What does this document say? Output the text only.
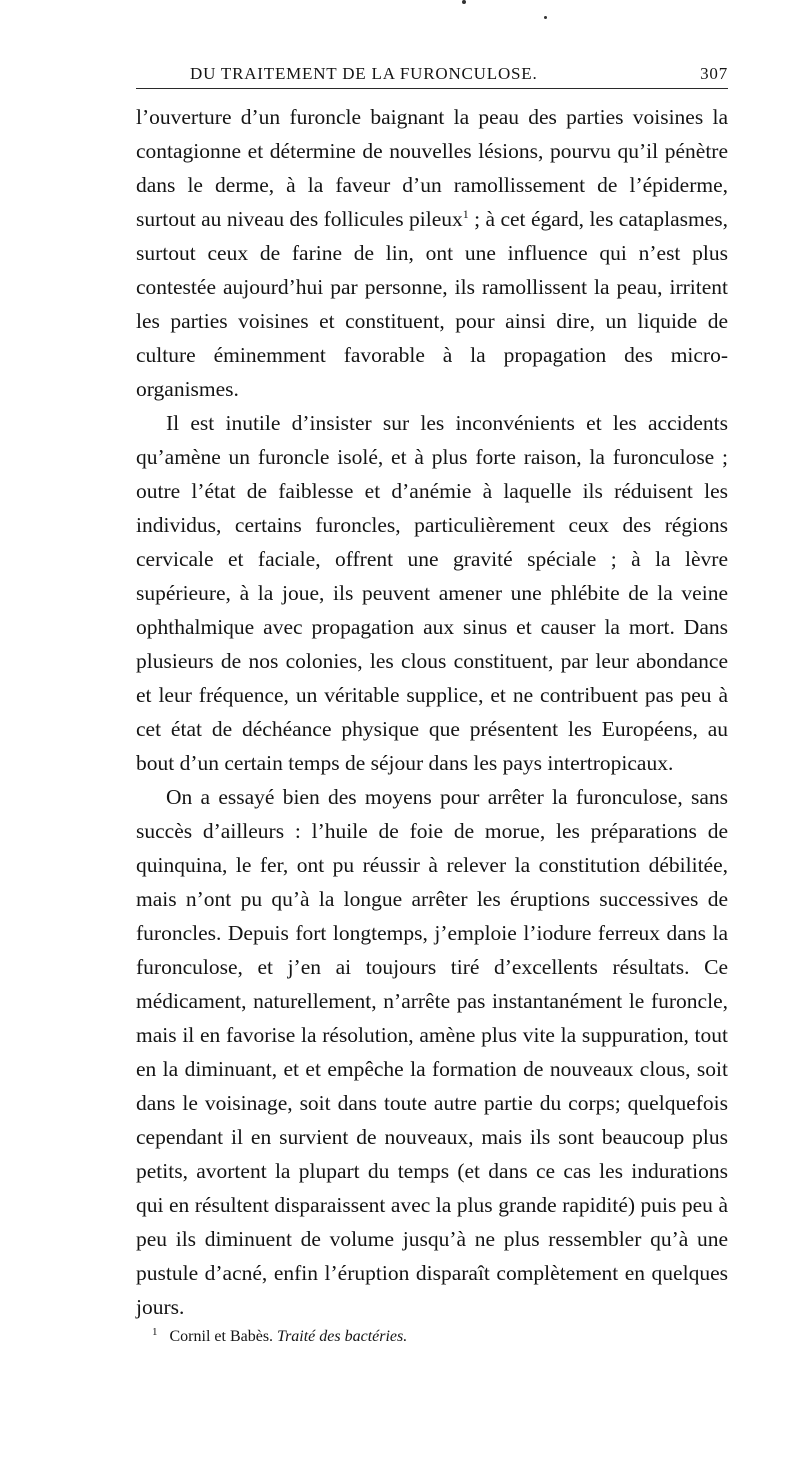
DU TRAITEMENT DE LA FURONCULOSE.	307

l’ouverture d’un furoncle baignant la peau des parties voisines la contagionne et détermine de nouvelles lésions, pourvu qu’il pénètre dans le derme, à la faveur d’un ramollissement de l’épiderme, surtout au niveau des follicules pileux$^1$ ; à cet égard, les cataplasmes, surtout ceux de farine de lin, ont une influence qui n’est plus contestée aujourd’hui par personne, ils ramollissent la peau, irritent les parties voisines et constituent, pour ainsi dire, un liquide de culture éminemment favorable à la propagation des micro-organismes.

Il est inutile d’insister sur les inconvénients et les accidents qu’amène un furoncle isolé, et à plus forte raison, la furonculose ; outre l’état de faiblesse et d’anémie à laquelle ils réduisent les individus, certains furoncles, particulièrement ceux des régions cervicale et faciale, offrent une gravité spéciale ; à la lèvre supérieure, à la joue, ils peuvent amener une phlébite de la veine ophthalmique avec propagation aux sinus et causer la mort. Dans plusieurs de nos colonies, les clous constituent, par leur abondance et leur fréquence, un véritable supplice, et ne contribuent pas peu à cet état de déchéance physique que présentent les Européens, au bout d’un certain temps de séjour dans les pays intertropicaux.

On a essayé bien des moyens pour arrêter la furonculose, sans succès d’ailleurs : l’huile de foie de morue, les préparations de quinquina, le fer, ont pu réussir à relever la constitution débilitée, mais n’ont pu qu’à la longue arrêter les éruptions successives de furoncles. Depuis fort longtemps, j’emploie l’iodure ferreux dans la furonculose, et j’en ai toujours tiré d’excellents résultats. Ce médicament, naturellement, n’arrête pas instantanément le furoncle, mais il en favorise la résolution, amène plus vite la suppuration, tout en la diminuant, et et empêche la formation de nouveaux clous, soit dans le voisinage, soit dans toute autre partie du corps; quelquefois cependant il en survient de nouveaux, mais ils sont beaucoup plus petits, avortent la plupart du temps (et dans ce cas les indurations qui en résultent disparaissent avec la plus grande rapidité) puis peu à peu ils diminuent de volume jusqu’à ne plus ressembler qu’à une pustule d’acné, enfin l’éruption disparaît complètement en quelques jours.

$^1$ Cornil et Babès. Traité des bactéries.
